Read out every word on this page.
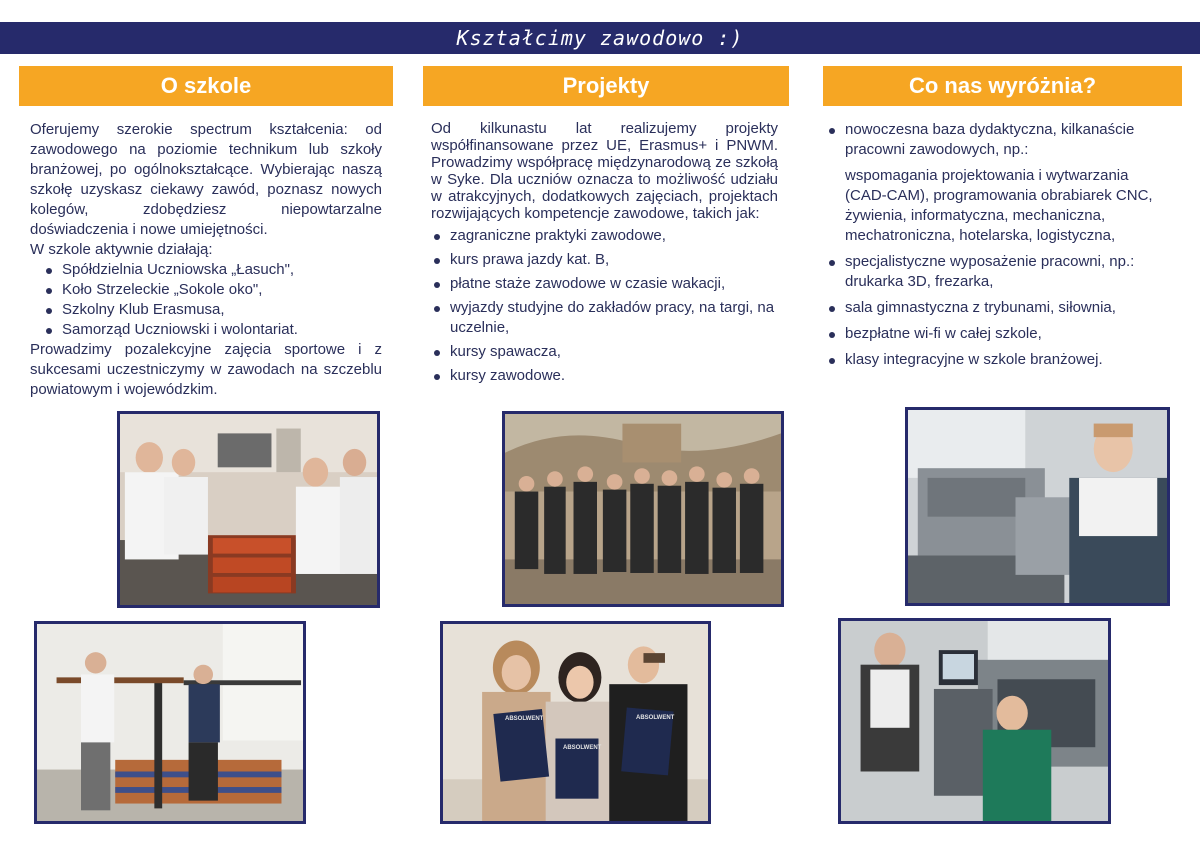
Kształcimy zawodowo :)
O szkole	Projekty	Co nas wyróżnia?

Oferujemy szerokie spectrum kształcenia: od zawodowego na poziomie technikum lub szkoły branżowej, po ogólnokształcące. Wybierając naszą szkołę uzyskasz ciekawy zawód, poznasz nowych kolegów, zdobędziesz niepowtarzalne doświadczenia i nowe umiejętności.

W szkole aktywnie działają:
Spółdzielnia Uczniowska „Łasuch",
Koło Strzeleckie „Sokole oko",
Szkolny Klub Erasmusa,
Samorząd Uczniowski i wolontariat.

Prowadzimy pozalekcyjne zajęcia sportowe i z sukcesami uczestniczymy w zawodach na szczeblu powiatowym i wojewódzkim.

Od kilkunastu lat realizujemy projekty współfinansowane przez UE, Erasmus+ i PNWM. Prowadzimy współpracę międzynarodową ze szkołą w Syke. Dla uczniów oznacza to możliwość udziału w atrakcyjnych, dodatkowych zajęciach, projektach rozwijających kompetencje zawodowe, takich jak:

zagraniczne praktyki zawodowe,
kurs prawa jazdy kat. B,
płatne staże zawodowe w czasie wakacji,
wyjazdy studyjne do zakładów pracy, na targi, na uczelnie,
kursy spawacza,
kursy zawodowe.
nowoczesna baza dydaktyczna, kilkanaście pracowni zawodowych, np.:
wspomagania projektowania i wytwarzania (CAD-CAM), programowania obrabiarek CNC, żywienia, informatyczna, mechaniczna, mechatroniczna, hotelarska, logistyczna,
specjalistyczne wyposażenie pracowni, np.: drukarka 3D, frezarka,
sala gimnastyczna z trybunami, siłownia,
bezpłatne wi-fi w całej szkole,
klasy integracyjne w szkole branżowej.
ABSOLWENT
ABSOLWENT
ABSOLWENT
